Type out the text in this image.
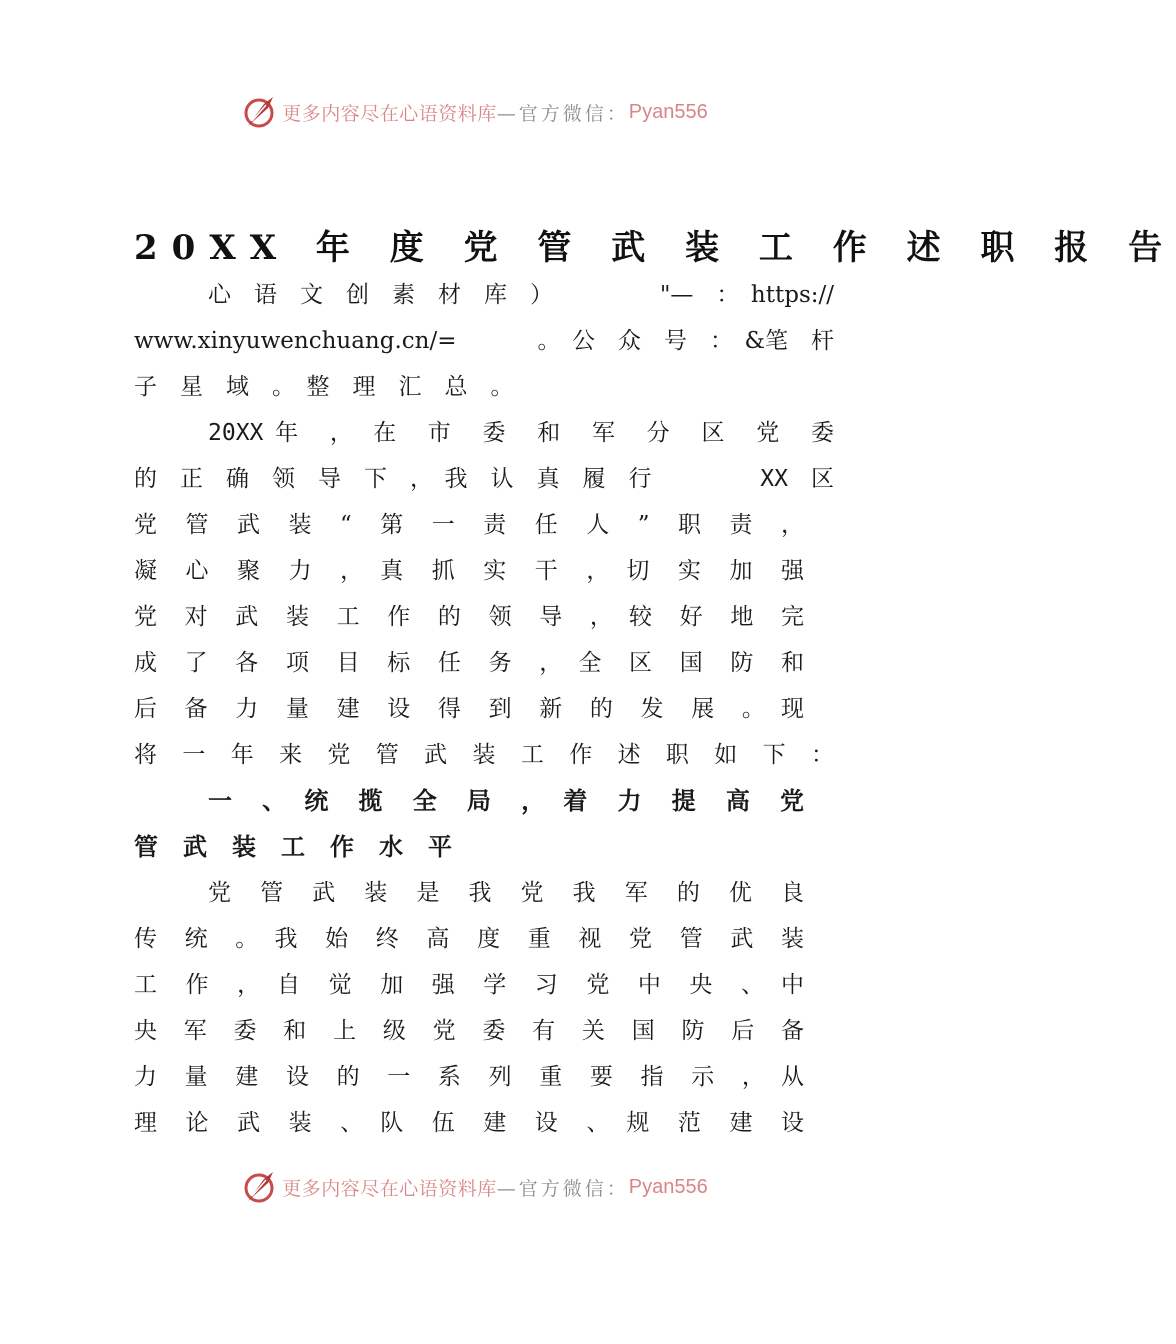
更多内容尽在心语资料库 —官方微信： Pyan556
20XX 年 度 党 管 武 装 工 作 述 职 报 告
心　语　文　创　素　材　库　）	"—　：　https://
www.xinyuwenchuang.cn/=	。　公　众　号　：　&笔　杆
子　星　域　。　整　理　汇　总　。
20XX 年　，　在　市　委　和　军　分　区　党　委
的　正　确　领　导　下　，　我　认　真　履　行	XX　 区
党　管　武　装　“　第　一　责　任　人　”　职　责　，
凝　心　聚　力　，　真　抓　实　干　，　切　实　加　强
党　对　武　装　工　作　的　领　导　，　较　好　地　完
成　了　各　项　目　标　任　务　，　全　区　国　防　和
后　备　力　量　建　设　得　到　新　的　发　展　。　现
将　一　年　来　党　管　武　装　工　作　述　职　如　下　：
一　、　统　揽　全　局　，　着　力　提　高　党
管武装工作水平
党　管　武　装　是　我　党　我　军　的　优　良
传　统　。　我　始　终　高　度　重　视　党　管　武　装
工　作　，　自　觉　加　强　学　习　党　中　央　、　中
央　军　委　和　上　级　党　委　有　关　国　防　后　备
力　量　建　设　的　一　系　列　重　要　指　示　，　从
理　论　武　装　、　队　伍　建　设　、　规　范　建　设
更多内容尽在心语资料库 —官方微信： Pyan556
